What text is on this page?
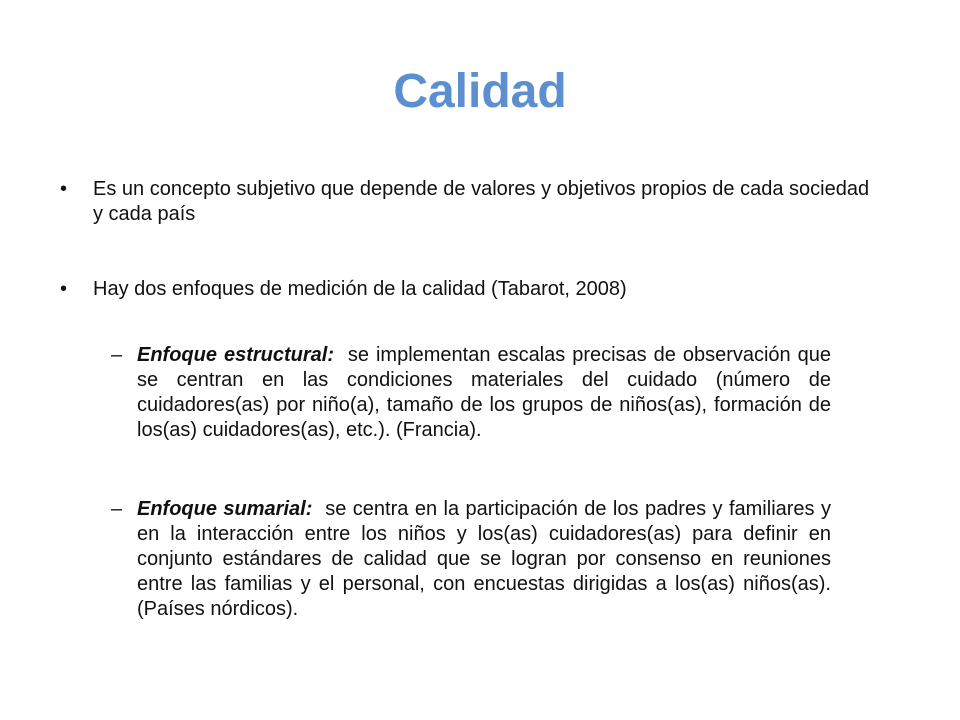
Calidad
• Es un concepto subjetivo que depende de valores y objetivos propios de cada sociedad y cada país
• Hay dos enfoques de medición de la calidad (Tabarot, 2008)
– Enfoque estructural: se implementan escalas precisas de observación que se centran en las condiciones materiales del cuidado (número de cuidadores(as) por niño(a), tamaño de los grupos de niños(as), formación de los(as) cuidadores(as), etc.). (Francia).
– Enfoque sumarial: se centra en la participación de los padres y familiares y en la interacción entre los niños y los(as) cuidadores(as) para definir en conjunto estándares de calidad que se logran por consenso en reuniones entre las familias y el personal, con encuestas dirigidas a los(as) niños(as). (Países nórdicos).
